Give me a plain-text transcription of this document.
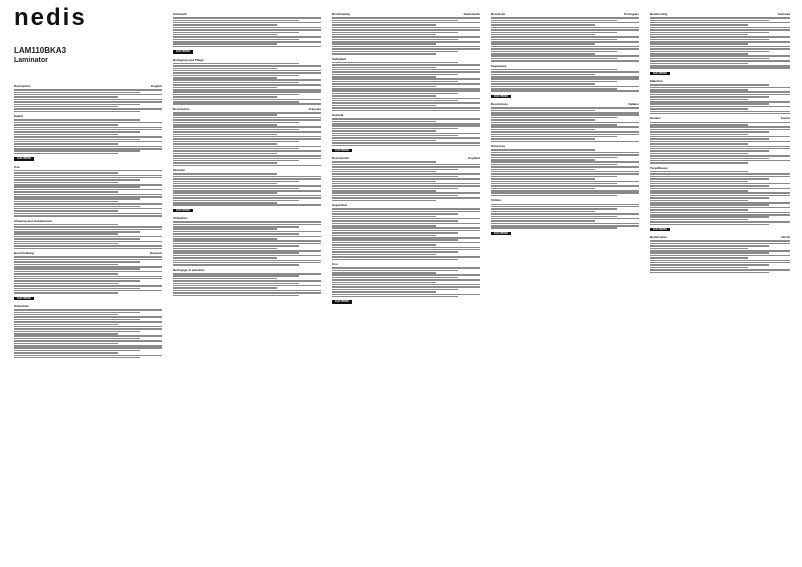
nedis
LAM110BKA3
Laminator
Description	English
Safety
CAUTION
Use
Cleaning and maintenance
Beschreibung	Deutsch
CAUTION
Sicherheit
Gebrauch
CAUTION
Reinigung und Pflege
Description	Français
Sécurité
CAUTION
Utilisation
Nettoyage et entretien
Beschrijving	Nederlands
Veiligheid
Gebruik
CAUTION
Descripción	Español
Seguridad
Uso
CAUTION
Descrição	Português
Segurança
CAUTION
Descrizione	Italiano
Sicurezza
Utilizzo
CAUTION
Beskrivning	Svenska
CAUTION
Säkerhet
Kuvaus	Suomi
Turvallisuus
CAUTION
Beskrivelse	Norsk
